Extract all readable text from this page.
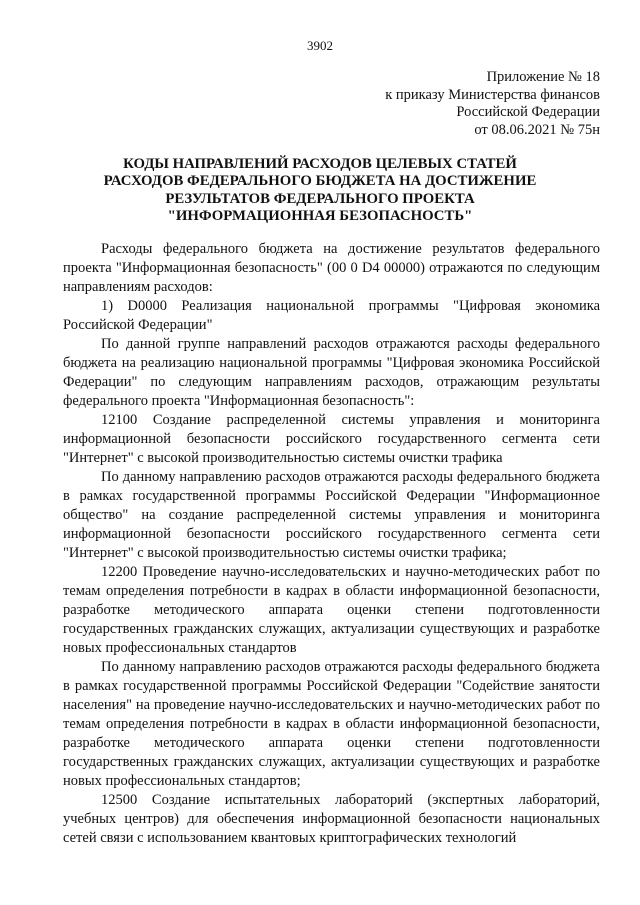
3902
Приложение № 18
к приказу Министерства финансов
Российской Федерации
от 08.06.2021 № 75н
КОДЫ НАПРАВЛЕНИЙ РАСХОДОВ ЦЕЛЕВЫХ СТАТЕЙ
РАСХОДОВ ФЕДЕРАЛЬНОГО БЮДЖЕТА НА ДОСТИЖЕНИЕ
РЕЗУЛЬТАТОВ ФЕДЕРАЛЬНОГО ПРОЕКТА
"ИНФОРМАЦИОННАЯ БЕЗОПАСНОСТЬ"

Расходы федерального бюджета на достижение результатов федерального проекта "Информационная безопасность" (00 0 D4 00000) отражаются по следующим направлениям расходов:

1) D0000 Реализация национальной программы "Цифровая экономика Российской Федерации"

По данной группе направлений расходов отражаются расходы федерального бюджета на реализацию национальной программы "Цифровая экономика Российской Федерации" по следующим направлениям расходов, отражающим результаты федерального проекта "Информационная безопасность":

12100 Создание распределенной системы управления и мониторинга информационной безопасности российского государственного сегмента сети "Интернет" с высокой производительностью системы очистки трафика

По данному направлению расходов отражаются расходы федерального бюджета в рамках государственной программы Российской Федерации "Информационное общество" на создание распределенной системы управления и мониторинга информационной безопасности российского государственного сегмента сети "Интернет" с высокой производительностью системы очистки трафика;

12200 Проведение научно-исследовательских и научно-методических работ по темам определения потребности в кадрах в области информационной безопасности, разработке методического аппарата оценки степени подготовленности государственных гражданских служащих, актуализации существующих и разработке новых профессиональных стандартов

По данному направлению расходов отражаются расходы федерального бюджета в рамках государственной программы Российской Федерации "Содействие занятости населения" на проведение научно-исследовательских и научно-методических работ по темам определения потребности в кадрах в области информационной безопасности, разработке методического аппарата оценки степени подготовленности государственных гражданских служащих, актуализации существующих и разработке новых профессиональных стандартов;

12500 Создание испытательных лабораторий (экспертных лабораторий, учебных центров) для обеспечения информационной безопасности национальных сетей связи с использованием квантовых криптографических технологий
